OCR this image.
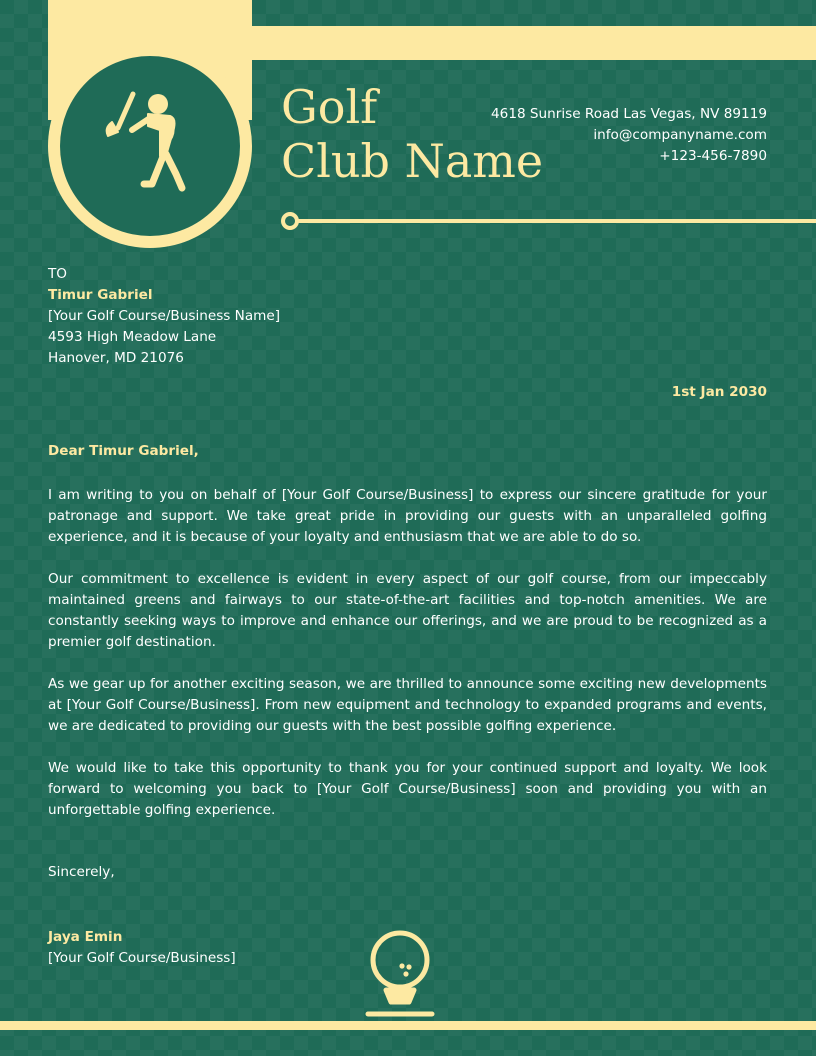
Golf
Club Name
4618 Sunrise Road Las Vegas, NV 89119
info@companyname.com
+123-456-7890
TO
Timur Gabriel
[Your Golf Course/Business Name]
4593 High Meadow Lane
Hanover, MD 21076
1st Jan 2030
Dear Timur Gabriel,

I am writing to you on behalf of [Your Golf Course/Business] to express our sincere gratitude for your patronage and support. We take great pride in providing our guests with an unparalleled golfing experience, and it is because of your loyalty and enthusiasm that we are able to do so.

Our commitment to excellence is evident in every aspect of our golf course, from our impeccably maintained greens and fairways to our state-of-the-art facilities and top-notch amenities. We are constantly seeking ways to improve and enhance our offerings, and we are proud to be recognized as a premier golf destination.

As we gear up for another exciting season, we are thrilled to announce some exciting new developments at [Your Golf Course/Business]. From new equipment and technology to expanded programs and events, we are dedicated to providing our guests with the best possible golfing experience.

We would like to take this opportunity to thank you for your continued support and loyalty. We look forward to welcoming you back to [Your Golf Course/Business] soon and providing you with an unforgettable golfing experience.

Sincerely,
Jaya Emin
[Your Golf Course/Business]
